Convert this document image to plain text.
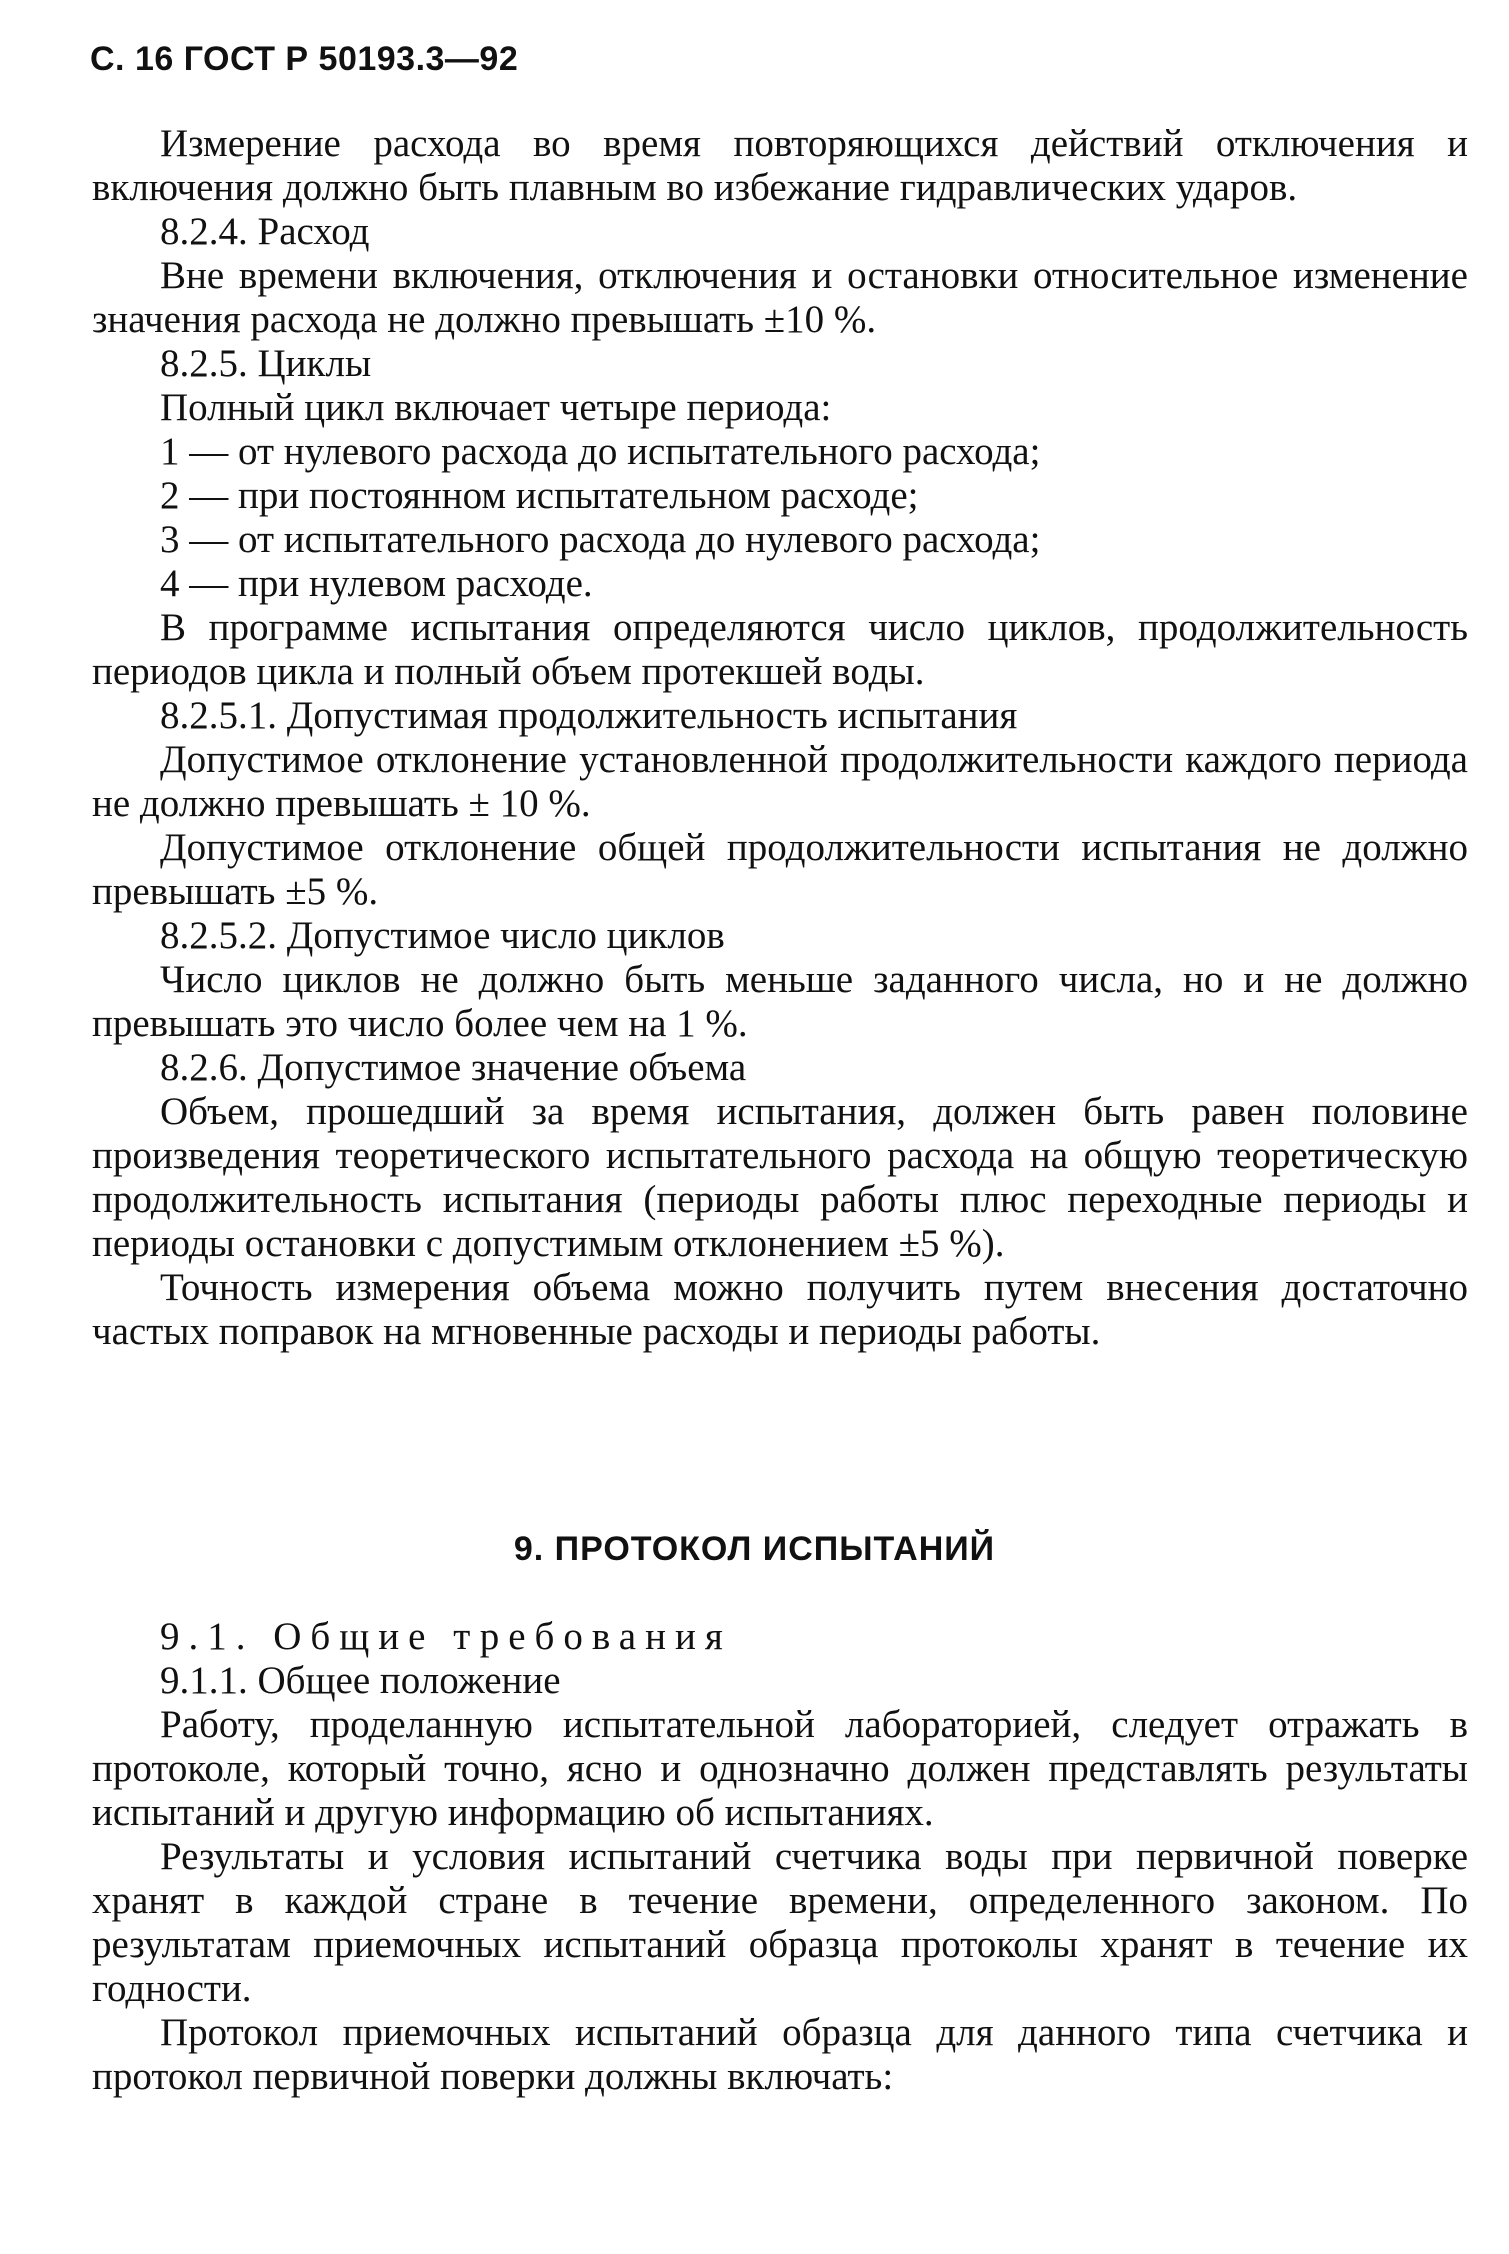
С. 16 ГОСТ Р 50193.3—92

Измерение расхода во время повторяющихся действий отключения и включения должно быть плавным во избежание гидравлических ударов.

8.2.4. Расход

Вне времени включения, отключения и остановки относительное изменение значения расхода не должно превышать ±10 %.

8.2.5. Циклы

Полный цикл включает четыре периода:

1 — от нулевого расхода до испытательного расхода;

2 — при постоянном испытательном расходе;

3 — от испытательного расхода до нулевого расхода;

4 — при нулевом расходе.

В программе испытания определяются число циклов, продолжительность периодов цикла и полный объем протекшей воды.

8.2.5.1. Допустимая продолжительность испытания

Допустимое отклонение установленной продолжительности каждого периода не должно превышать ± 10 %.

Допустимое отклонение общей продолжительности испытания не должно превышать ±5 %.

8.2.5.2. Допустимое число циклов

Число циклов не должно быть меньше заданного числа, но и не должно превышать это число более чем на 1 %.

8.2.6. Допустимое значение объема

Объем, прошедший за время испытания, должен быть равен половине произведения теоретического испытательного расхода на общую теоретическую продолжительность испытания (периоды работы плюс переходные периоды и периоды остановки с допустимым отклонением ±5 %).

Точность измерения объема можно получить путем внесения достаточно частых поправок на мгновенные расходы и периоды работы.

9. ПРОТОКОЛ ИСПЫТАНИЙ

9.1. Общие требования

9.1.1. Общее положение

Работу, проделанную испытательной лабораторией, следует отражать в протоколе, который точно, ясно и однозначно должен представлять результаты испытаний и другую информацию об испытаниях.

Результаты и условия испытаний счетчика воды при первичной поверке хранят в каждой стране в течение времени, определенного законом. По результатам приемочных испытаний образца протоколы хранят в течение их годности.

Протокол приемочных испытаний образца для данного типа счетчика и протокол первичной поверки должны включать:
